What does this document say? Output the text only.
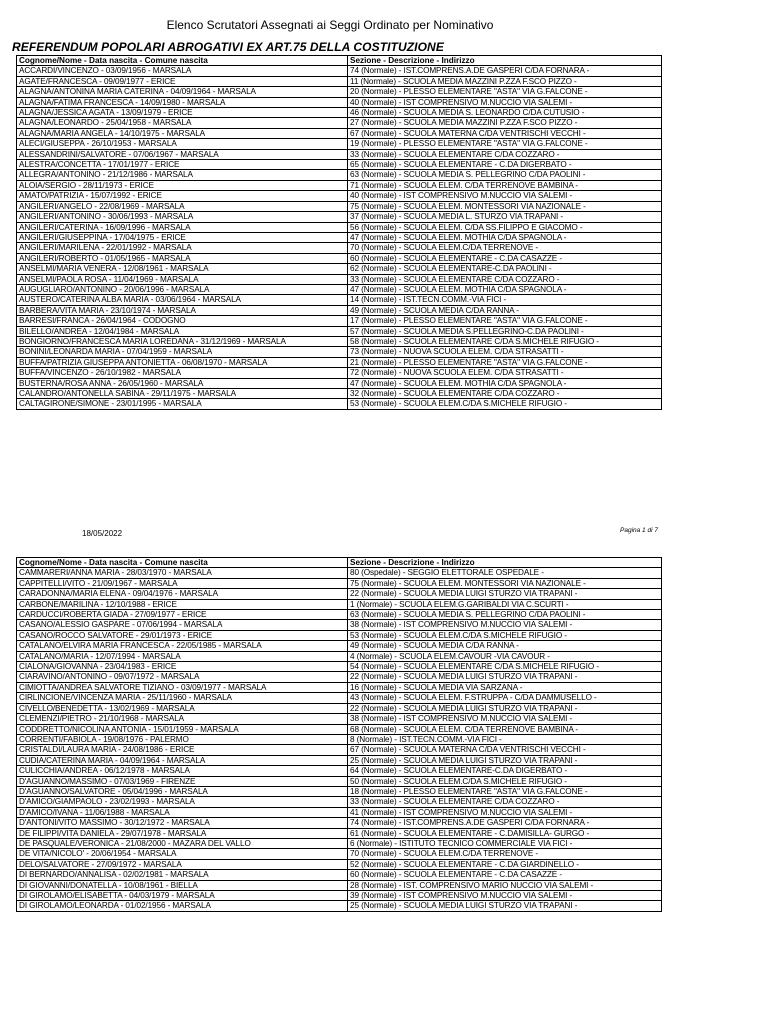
Elenco Scrutatori Assegnati ai Seggi Ordinato per Nominativo
REFERENDUM POPOLARI ABROGATIVI EX ART.75 DELLA COSTITUZIONE
Cognome/Nome - Data nascita - Comune nascita	Sezione - Descrizione - Indirizzo
ACCARDI/VINCENZO - 03/09/1956 - MARSALA	74 (Normale) - IST.COMPRENS.A.DE GASPERI C/DA FORNARA -
AGATE/FRANCESCA - 09/09/1977 - ERICE	11 (Normale) - SCUOLA MEDIA MAZZINI P.ZZA F.SCO PIZZO -
ALAGNA/ANTONINA MARIA CATERINA - 04/09/1964 - MARSALA	20 (Normale) - PLESSO ELEMENTARE "ASTA" VIA G.FALCONE -
ALAGNA/FATIMA FRANCESCA - 14/09/1980 - MARSALA	40 (Normale) - IST COMPRENSIVO M.NUCCIO VIA SALEMI -
ALAGNA/JESSICA AGATA - 13/09/1979 - ERICE	46 (Normale) - SCUOLA MEDIA S. LEONARDO C/DA CUTUSIO -
ALAGNA/LEONARDO - 25/04/1958 - MARSALA	27 (Normale) - SCUOLA MEDIA MAZZINI P.ZZA F.SCO PIZZO -
ALAGNA/MARIA ANGELA - 14/10/1975 - MARSALA	67 (Normale) - SCUOLA MATERNA C/DA VENTRISCHI VECCHI -
ALECI/GIUSEPPA - 26/10/1953 - MARSALA	19 (Normale) - PLESSO ELEMENTARE "ASTA" VIA G.FALCONE -
ALESSANDRINI/SALVATORE - 07/06/1967 - MARSALA	33 (Normale) - SCUOLA ELEMENTARE C/DA COZZARO -
ALESTRA/CONCETTA - 17/01/1977 - ERICE	65 (Normale) - SCUOLA ELEMENTARE - C.DA DIGERBATO -
ALLEGRA/ANTONINO - 21/12/1986 - MARSALA	63 (Normale) - SCUOLA MEDIA S. PELLEGRINO C/DA PAOLINI -
ALOIA/SERGIO - 28/11/1973 - ERICE	71 (Normale) - SCUOLA ELEM. C/DA TERRENOVE BAMBINA -
AMATO/PATRIZIA - 15/07/1992 - ERICE	40 (Normale) - IST COMPRENSIVO M.NUCCIO VIA SALEMI -
ANGILERI/ANGELO - 22/08/1969 - MARSALA	75 (Normale) - SCUOLA ELEM. MONTESSORI VIA NAZIONALE -
ANGILERI/ANTONINO - 30/06/1993 - MARSALA	37 (Normale) - SCUOLA MEDIA L. STURZO VIA TRAPANI -
ANGILERI/CATERINA - 16/09/1996 - MARSALA	56 (Normale) - SCUOLA ELEM. C/DA SS.FILIPPO E GIACOMO -
ANGILERI/GIUSEPPINA - 17/04/1975 - ERICE	47 (Normale) - SCUOLA ELEM. MOTHIA C/DA SPAGNOLA -
ANGILERI/MARILENA - 22/01/1992 - MARSALA	70 (Normale) - SCUOLA ELEM.C/DA TERRENOVE -
ANGILERI/ROBERTO - 01/05/1965 - MARSALA	60 (Normale) - SCUOLA ELEMENTARE - C.DA CASAZZE -
ANSELMI/MARIA VENERA - 12/08/1961 - MARSALA	62 (Normale) - SCUOLA ELEMENTARE-C.DA PAOLINI -
ANSELMI/PAOLA ROSA - 11/04/1969 - MARSALA	33 (Normale) - SCUOLA ELEMENTARE C/DA COZZARO -
AUGUGLIARO/ANTONINO - 20/06/1996 - MARSALA	47 (Normale) - SCUOLA ELEM. MOTHIA C/DA SPAGNOLA -
AUSTERO/CATERINA ALBA MARIA - 03/06/1964 - MARSALA	14 (Normale) - IST.TECN.COMM.-VIA FICI -
BARBERA/VITA MARIA - 23/10/1974 - MARSALA	49 (Normale) - SCUOLA MEDIA C/DA RANNA -
BARRESI/FRANCA - 26/04/1964 - CODOGNO	17 (Normale) - PLESSO ELEMENTARE "ASTA" VIA G.FALCONE -
BILELLO/ANDREA - 12/04/1984 - MARSALA	57 (Normale) - SCUOLA MEDIA S.PELLEGRINO-C.DA PAOLINI -
BONGIORNO/FRANCESCA MARIA LOREDANA - 31/12/1969 - MARSALA	58 (Normale) - SCUOLA ELEMENTARE C/DA S.MICHELE RIFUGIO -
BONINI/LEONARDA MARIA - 07/04/1959 - MARSALA	73 (Normale) - NUOVA SCUOLA ELEM. C/DA STRASATTI -
BUFFA/PATRIZIA GIUSEPPA ANTONIETTA - 06/08/1970 - MARSALA	21 (Normale) - PLESSO ELEMENTARE "ASTA" VIA G.FALCONE -
BUFFA/VINCENZO - 26/10/1982 - MARSALA	72 (Normale) - NUOVA SCUOLA ELEM. C/DA STRASATTI -
BUSTERNA/ROSA ANNA - 26/05/1960 - MARSALA	47 (Normale) - SCUOLA ELEM. MOTHIA C/DA SPAGNOLA -
CALANDRO/ANTONELLA SABINA - 29/11/1975 - MARSALA	32 (Normale) - SCUOLA ELEMENTARE C/DA COZZARO -
CALTAGIRONE/SIMONE - 23/01/1995 - MARSALA	53 (Normale) - SCUOLA ELEM.C/DA S.MICHELE RIFUGIO -
18/05/2022	Pagina 1 di 7
Cognome/Nome - Data nascita - Comune nascita	Sezione - Descrizione - Indirizzo
CAMMARERI/ANNA MARIA - 28/03/1970 - MARSALA	80 (Ospedale) - SEGGIO ELETTORALE OSPEDALE -
CAPPITELLI/VITO - 21/09/1967 - MARSALA	75 (Normale) - SCUOLA ELEM. MONTESSORI VIA NAZIONALE -
CARADONNA/MARIA ELENA - 09/04/1976 - MARSALA	22 (Normale) - SCUOLA MEDIA LUIGI STURZO VIA TRAPANI -
CARBONE/MARILINA - 12/10/1988 - ERICE	1 (Normale) - SCUOLA ELEM.G.GARIBALDI VIA C.SCURTI -
CARDUCCI/ROBERTA GIADA - 27/09/1977 - ERICE	63 (Normale) - SCUOLA MEDIA S. PELLEGRINO C/DA PAOLINI -
CASANO/ALESSIO GASPARE - 07/06/1994 - MARSALA	38 (Normale) - IST COMPRENSIVO M.NUCCIO VIA SALEMI -
CASANO/ROCCO SALVATORE - 29/01/1973 - ERICE	53 (Normale) - SCUOLA ELEM.C/DA S.MICHELE RIFUGIO -
CATALANO/ELVIRA MARIA FRANCESCA - 22/05/1985 - MARSALA	49 (Normale) - SCUOLA MEDIA C/DA RANNA -
CATALANO/MARIA - 12/07/1994 - MARSALA	4 (Normale) - SCUOLA ELEM.CAVOUR -VIA CAVOUR -
CIALONA/GIOVANNA - 23/04/1983 - ERICE	54 (Normale) - SCUOLA ELEMENTARE C/DA S.MICHELE RIFUGIO -
CIARAVINO/ANTONINO - 09/07/1972 - MARSALA	22 (Normale) - SCUOLA MEDIA LUIGI STURZO VIA TRAPANI -
CIMIOTTA/ANDREA SALVATORE TIZIANO - 03/09/1977 - MARSALA	16 (Normale) - SCUOLA MEDIA VIA SARZANA -
CIRLINCIONE/VINCENZA MARIA - 25/11/1960 - MARSALA	43 (Normale) - SCUOLA ELEM. F.STRUPPA - C/DA DAMMUSELLO -
CIVELLO/BENEDETTA - 13/02/1969 - MARSALA	22 (Normale) - SCUOLA MEDIA LUIGI STURZO VIA TRAPANI -
CLEMENZI/PIETRO - 21/10/1968 - MARSALA	38 (Normale) - IST COMPRENSIVO M.NUCCIO VIA SALEMI -
CODDRETTO/NICOLINA ANTONIA - 15/01/1959 - MARSALA	68 (Normale) - SCUOLA ELEM. C/DA TERRENOVE BAMBINA -
CORRENTI/FABIOLA - 19/08/1976 - PALERMO	8 (Normale) - IST.TECN.COMM.-VIA FICI -
CRISTALDI/LAURA MARIA - 24/08/1986 - ERICE	67 (Normale) - SCUOLA MATERNA C/DA VENTRISCHI VECCHI -
CUDIA/CATERINA MARIA - 04/09/1964 - MARSALA	25 (Normale) - SCUOLA MEDIA LUIGI STURZO VIA TRAPANI -
CULICCHIA/ANDREA - 06/12/1978 - MARSALA	64 (Normale) - SCUOLA ELEMENTARE-C.DA DIGERBATO -
D'AGUANNO/MASSIMO - 07/03/1969 - FIRENZE	50 (Normale) - SCUOLA ELEM.C/DA S.MICHELE RIFUGIO -
D'AGUANNO/SALVATORE - 05/04/1996 - MARSALA	18 (Normale) - PLESSO ELEMENTARE "ASTA" VIA G.FALCONE -
D'AMICO/GIAMPAOLO - 23/02/1993 - MARSALA	33 (Normale) - SCUOLA ELEMENTARE C/DA COZZARO -
D'AMICO/IVANA - 11/06/1988 - MARSALA	41 (Normale) - IST COMPRENSIVO M.NUCCIO VIA SALEMI -
D'ANTONI/VITO MASSIMO - 30/12/1972 - MARSALA	74 (Normale) - IST.COMPRENS.A.DE GASPERI C/DA FORNARA -
DE FILIPPI/VITA DANIELA - 29/07/1978 - MARSALA	61 (Normale) - SCUOLA ELEMENTARE - C.DAMISILLA- GURGO -
DE PASQUALE/VERONICA - 21/08/2000 - MAZARA DEL VALLO	6 (Normale) - ISTITUTO TECNICO COMMERCIALE VIA FICI -
DE VITA/NICOLO' - 20/06/1954 - MARSALA	70 (Normale) - SCUOLA ELEM.C/DA TERRENOVE -
DELO/SALVATORE - 27/09/1972 - MARSALA	52 (Normale) - SCUOLA ELEMENTARE - C.DA GIARDINELLO -
DI BERNARDO/ANNALISA - 02/02/1981 - MARSALA	60 (Normale) - SCUOLA ELEMENTARE - C.DA CASAZZE -
DI GIOVANNI/DONATELLA - 10/08/1961 - BIELLA	28 (Normale) - IST. COMPRENSIVO MARIO NUCCIO VIA SALEMI -
DI GIROLAMO/ELISABETTA - 04/03/1979 - MARSALA	39 (Normale) - IST COMPRENSIVO M.NUCCIO VIA SALEMI -
DI GIROLAMO/LEONARDA - 01/02/1956 - MARSALA	25 (Normale) - SCUOLA MEDIA LUIGI STURZO VIA TRAPANI -
